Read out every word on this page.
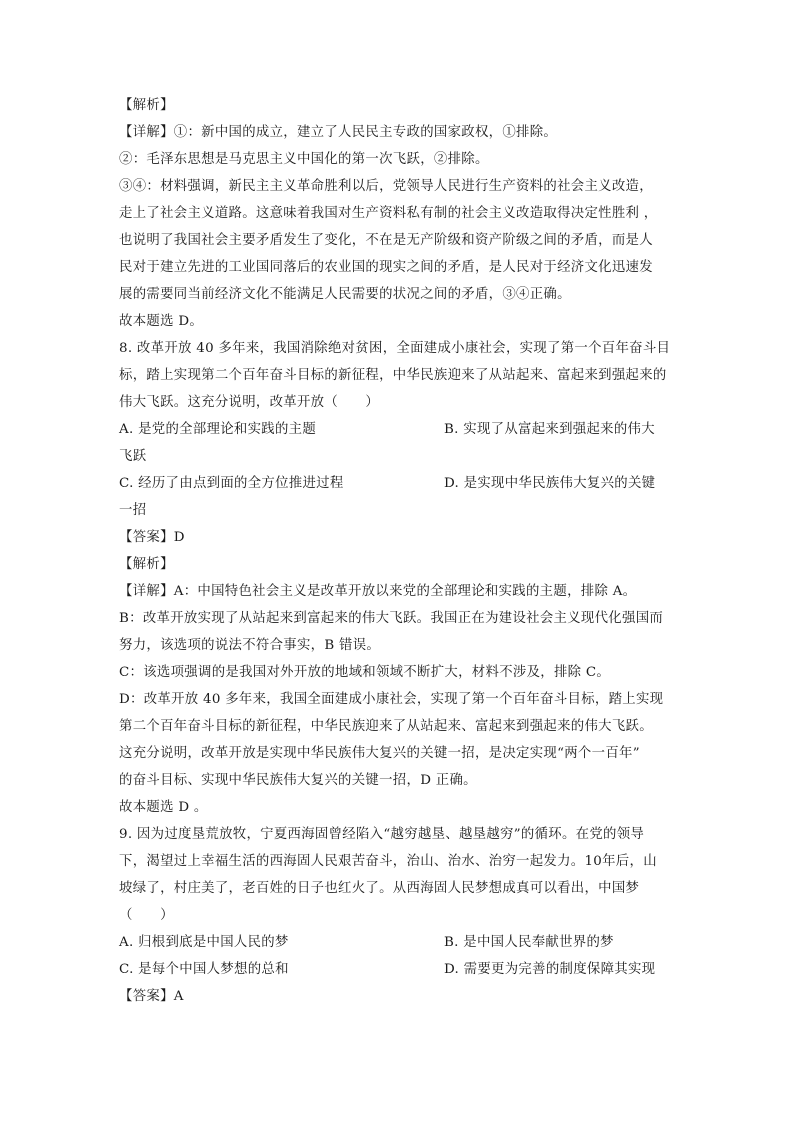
【解析】
【详解】①：新中国的成立，建立了人民民主专政的国家政权，①排除。
②：毛泽东思想是马克思主义中国化的第一次飞跃，②排除。
③④：材料强调，新民主主义革命胜利以后，党领导人民进行生产资料的社会主义改造，
走上了社会主义道路。这意味着我国对生产资料私有制的社会主义改造取得决定性胜利 ，
也说明了我国社会主要矛盾发生了变化，不在是无产阶级和资产阶级之间的矛盾，而是人
民对于建立先进的工业国同落后的农业国的现实之间的矛盾，是人民对于经济文化迅速发
展的需要同当前经济文化不能满足人民需要的状况之间的矛盾，③④正确。
故本题选 D。
8. 改革开放 40 多年来，我国消除绝对贫困，全面建成小康社会，实现了第一个百年奋斗目
标，踏上实现第二个百年奋斗目标的新征程，中华民族迎来了从站起来、富起来到强起来的
伟大飞跃。这充分说明，改革开放（　　）
A. 是党的全部理论和实践的主题	B. 实现了从富起来到强起来的伟大
飞跃
C. 经历了由点到面的全方位推进过程	D. 是实现中华民族伟大复兴的关键
一招
【答案】D
【解析】
【详解】A：中国特色社会主义是改革开放以来党的全部理论和实践的主题，排除 A。
B：改革开放实现了从站起来到富起来的伟大飞跃。我国正在为建设社会主义现代化强国而
努力，该选项的说法不符合事实，B 错误。
C：该选项强调的是我国对外开放的地域和领域不断扩大，材料不涉及，排除 C。
D：改革开放 40 多年来，我国全面建成小康社会，实现了第一个百年奋斗目标，踏上实现
第二个百年奋斗目标的新征程，中华民族迎来了从站起来、富起来到强起来的伟大飞跃。
这充分说明，改革开放是实现中华民族伟大复兴的关键一招，是决定实现“两个一百年”
的奋斗目标、实现中华民族伟大复兴的关键一招，D 正确。
故本题选 D 。
9. 因为过度垦荒放牧，宁夏西海固曾经陷入“越穷越垦、越垦越穷”的循环。在党的领导
下，渴望过上幸福生活的西海固人民艰苦奋斗，治山、治水、治穷一起发力。10年后，山
坡绿了，村庄美了，老百姓的日子也红火了。从西海固人民梦想成真可以看出，中国梦
（　　）
A. 归根到底是中国人民的梦	B. 是中国人民奉献世界的梦
C. 是每个中国人梦想的总和	D. 需要更为完善的制度保障其实现
【答案】A
